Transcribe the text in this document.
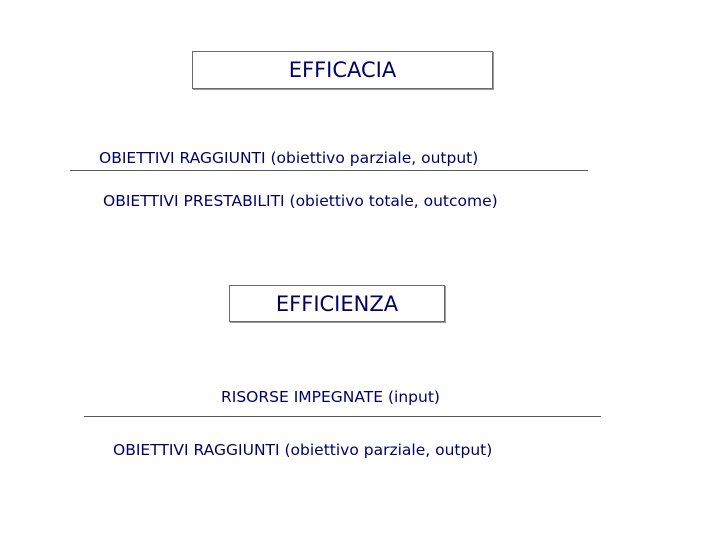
EFFICACIA
OBIETTIVI RAGGIUNTI (obiettivo parziale, output)
OBIETTIVI PRESTABILITI (obiettivo totale, outcome)
EFFICIENZA
RISORSE IMPEGNATE (input)
OBIETTIVI RAGGIUNTI (obiettivo parziale, output)
